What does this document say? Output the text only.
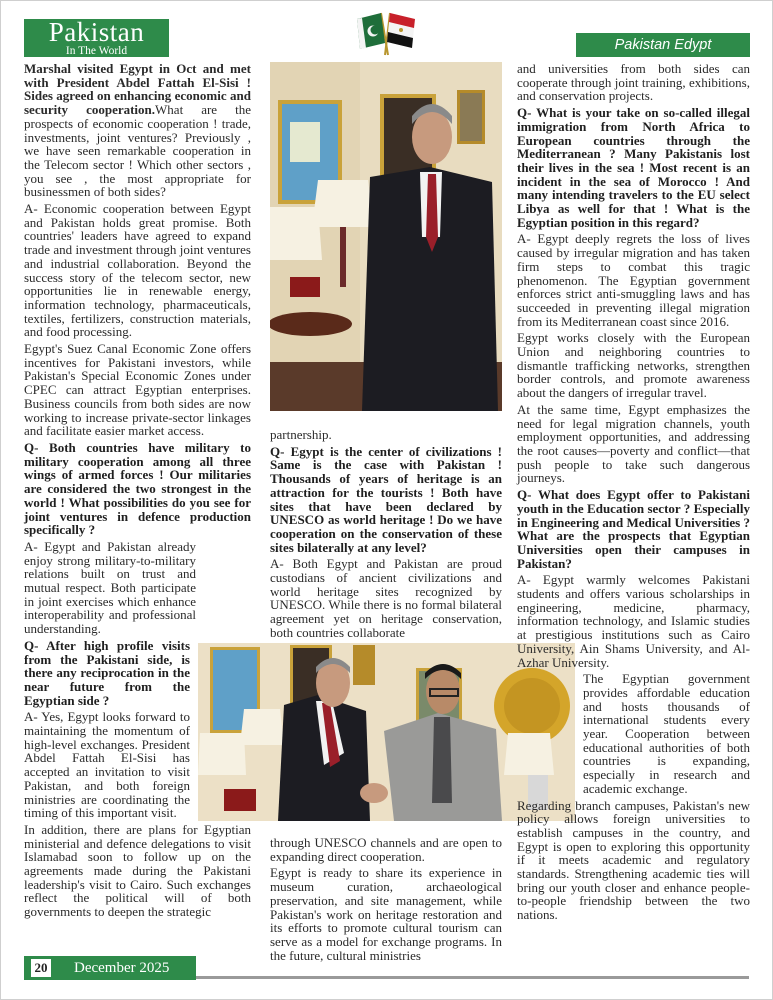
Pakistan
In The World	Pakistan Edypt

Marshal visited Egypt in Oct and met with President Abdel Fattah El-Sisi ! Sides agreed on enhancing economic and security cooperation.What are the prospects of economic cooperation ! trade, investments, joint ventures? Previously , we have seen remarkable cooperation in the Telecom sector ! Which other sectors , you see , the most appropriate for businessmen of both sides?

A- Economic cooperation between Egypt and Pakistan holds great promise. Both countries' leaders have agreed to expand trade and investment through joint ventures and industrial collaboration. Beyond the success story of the telecom sector, new opportunities lie in renewable energy, information technology, pharmaceuticals, textiles, fertilizers, construction materials, and food processing.

Egypt's Suez Canal Economic Zone offers incentives for Pakistani investors, while Pakistan's Special Economic Zones under CPEC can attract Egyptian enterprises. Business councils from both sides are now working to increase private-sector linkages and facilitate easier market access.

Q- Both countries have military to military cooperation among all three wings of armed forces ! Our militaries are considered the two strongest in the world ! What possibilities do you see for joint ventures in defence production specifically ?

A- Egypt and Pakistan already enjoy strong military-to-military relations built on trust and mutual respect. Both participate in joint exercises which enhance interoperability and professional understanding.

Q- After high profile visits from the Pakistani side, is there any reciprocation in the near future from the Egyptian side ?

A- Yes, Egypt looks forward to maintaining the momentum of high-level exchanges. President Abdel Fattah El-Sisi has accepted an invitation to visit Pakistan, and both foreign ministries are coordinating the timing of this important visit.

In addition, there are plans for Egyptian ministerial and defence delegations to visit Islamabad soon to follow up on the agreements made during the Pakistani leadership's visit to Cairo. Such exchanges reflect the political will of both governments to deepen the strategic

partnership.

Q- Egypt is the center of civilizations ! Same is the case with Pakistan ! Thousands of years of heritage is an attraction for the tourists ! Both have sites that have been declared by UNESCO as world heritage ! Do we have cooperation on the conservation of these sites bilaterally at any level?

A- Both Egypt and Pakistan are proud custodians of ancient civilizations and world heritage sites recognized by UNESCO. While there is no formal bilateral agreement yet on heritage conservation, both countries collaborate

through UNESCO channels and are open to expanding direct cooperation.

Egypt is ready to share its experience in museum curation, archaeological preservation, and site management, while Pakistan's work on heritage restoration and its efforts to promote cultural tourism can serve as a model for exchange programs. In the future, cultural ministries

and universities from both sides can cooperate through joint training, exhibitions, and conservation projects.

Q- What is your take on so-called illegal immigration from North Africa to European countries through the Mediterranean ? Many Pakistanis lost their lives in the sea ! Most recent is an incident in the sea of Morocco ! And many intending travelers to the EU select Libya as well for that ! What is the Egyptian position in this regard?

A- Egypt deeply regrets the loss of lives caused by irregular migration and has taken firm steps to combat this tragic phenomenon. The Egyptian government enforces strict anti-smuggling laws and has succeeded in preventing illegal migration from its Mediterranean coast since 2016.

Egypt works closely with the European Union and neighboring countries to dismantle trafficking networks, strengthen border controls, and promote awareness about the dangers of irregular travel.

At the same time, Egypt emphasizes the need for legal migration channels, youth employment opportunities, and addressing the root causes—poverty and conflict—that push people to take such dangerous journeys.

Q- What does Egypt offer to Pakistani youth in the Education sector ? Especially in Engineering and Medical Universities ? What are the prospects that Egyptian Universities open their campuses in Pakistan?

A- Egypt warmly welcomes Pakistani students and offers various scholarships in engineering, medicine, pharmacy, information technology, and Islamic studies at prestigious institutions such as Cairo University, Ain Shams University, and Al-Azhar University.

The Egyptian government provides affordable education and hosts thousands of international students every year. Cooperation between educational authorities of both countries is expanding, especially in research and academic exchange.

Regarding branch campuses, Pakistan's new policy allows foreign universities to establish campuses in the country, and Egypt is open to exploring this opportunity if it meets academic and regulatory standards. Strengthening academic ties will bring our youth closer and enhance people-to-people friendship between the two nations.

20 December 2025
